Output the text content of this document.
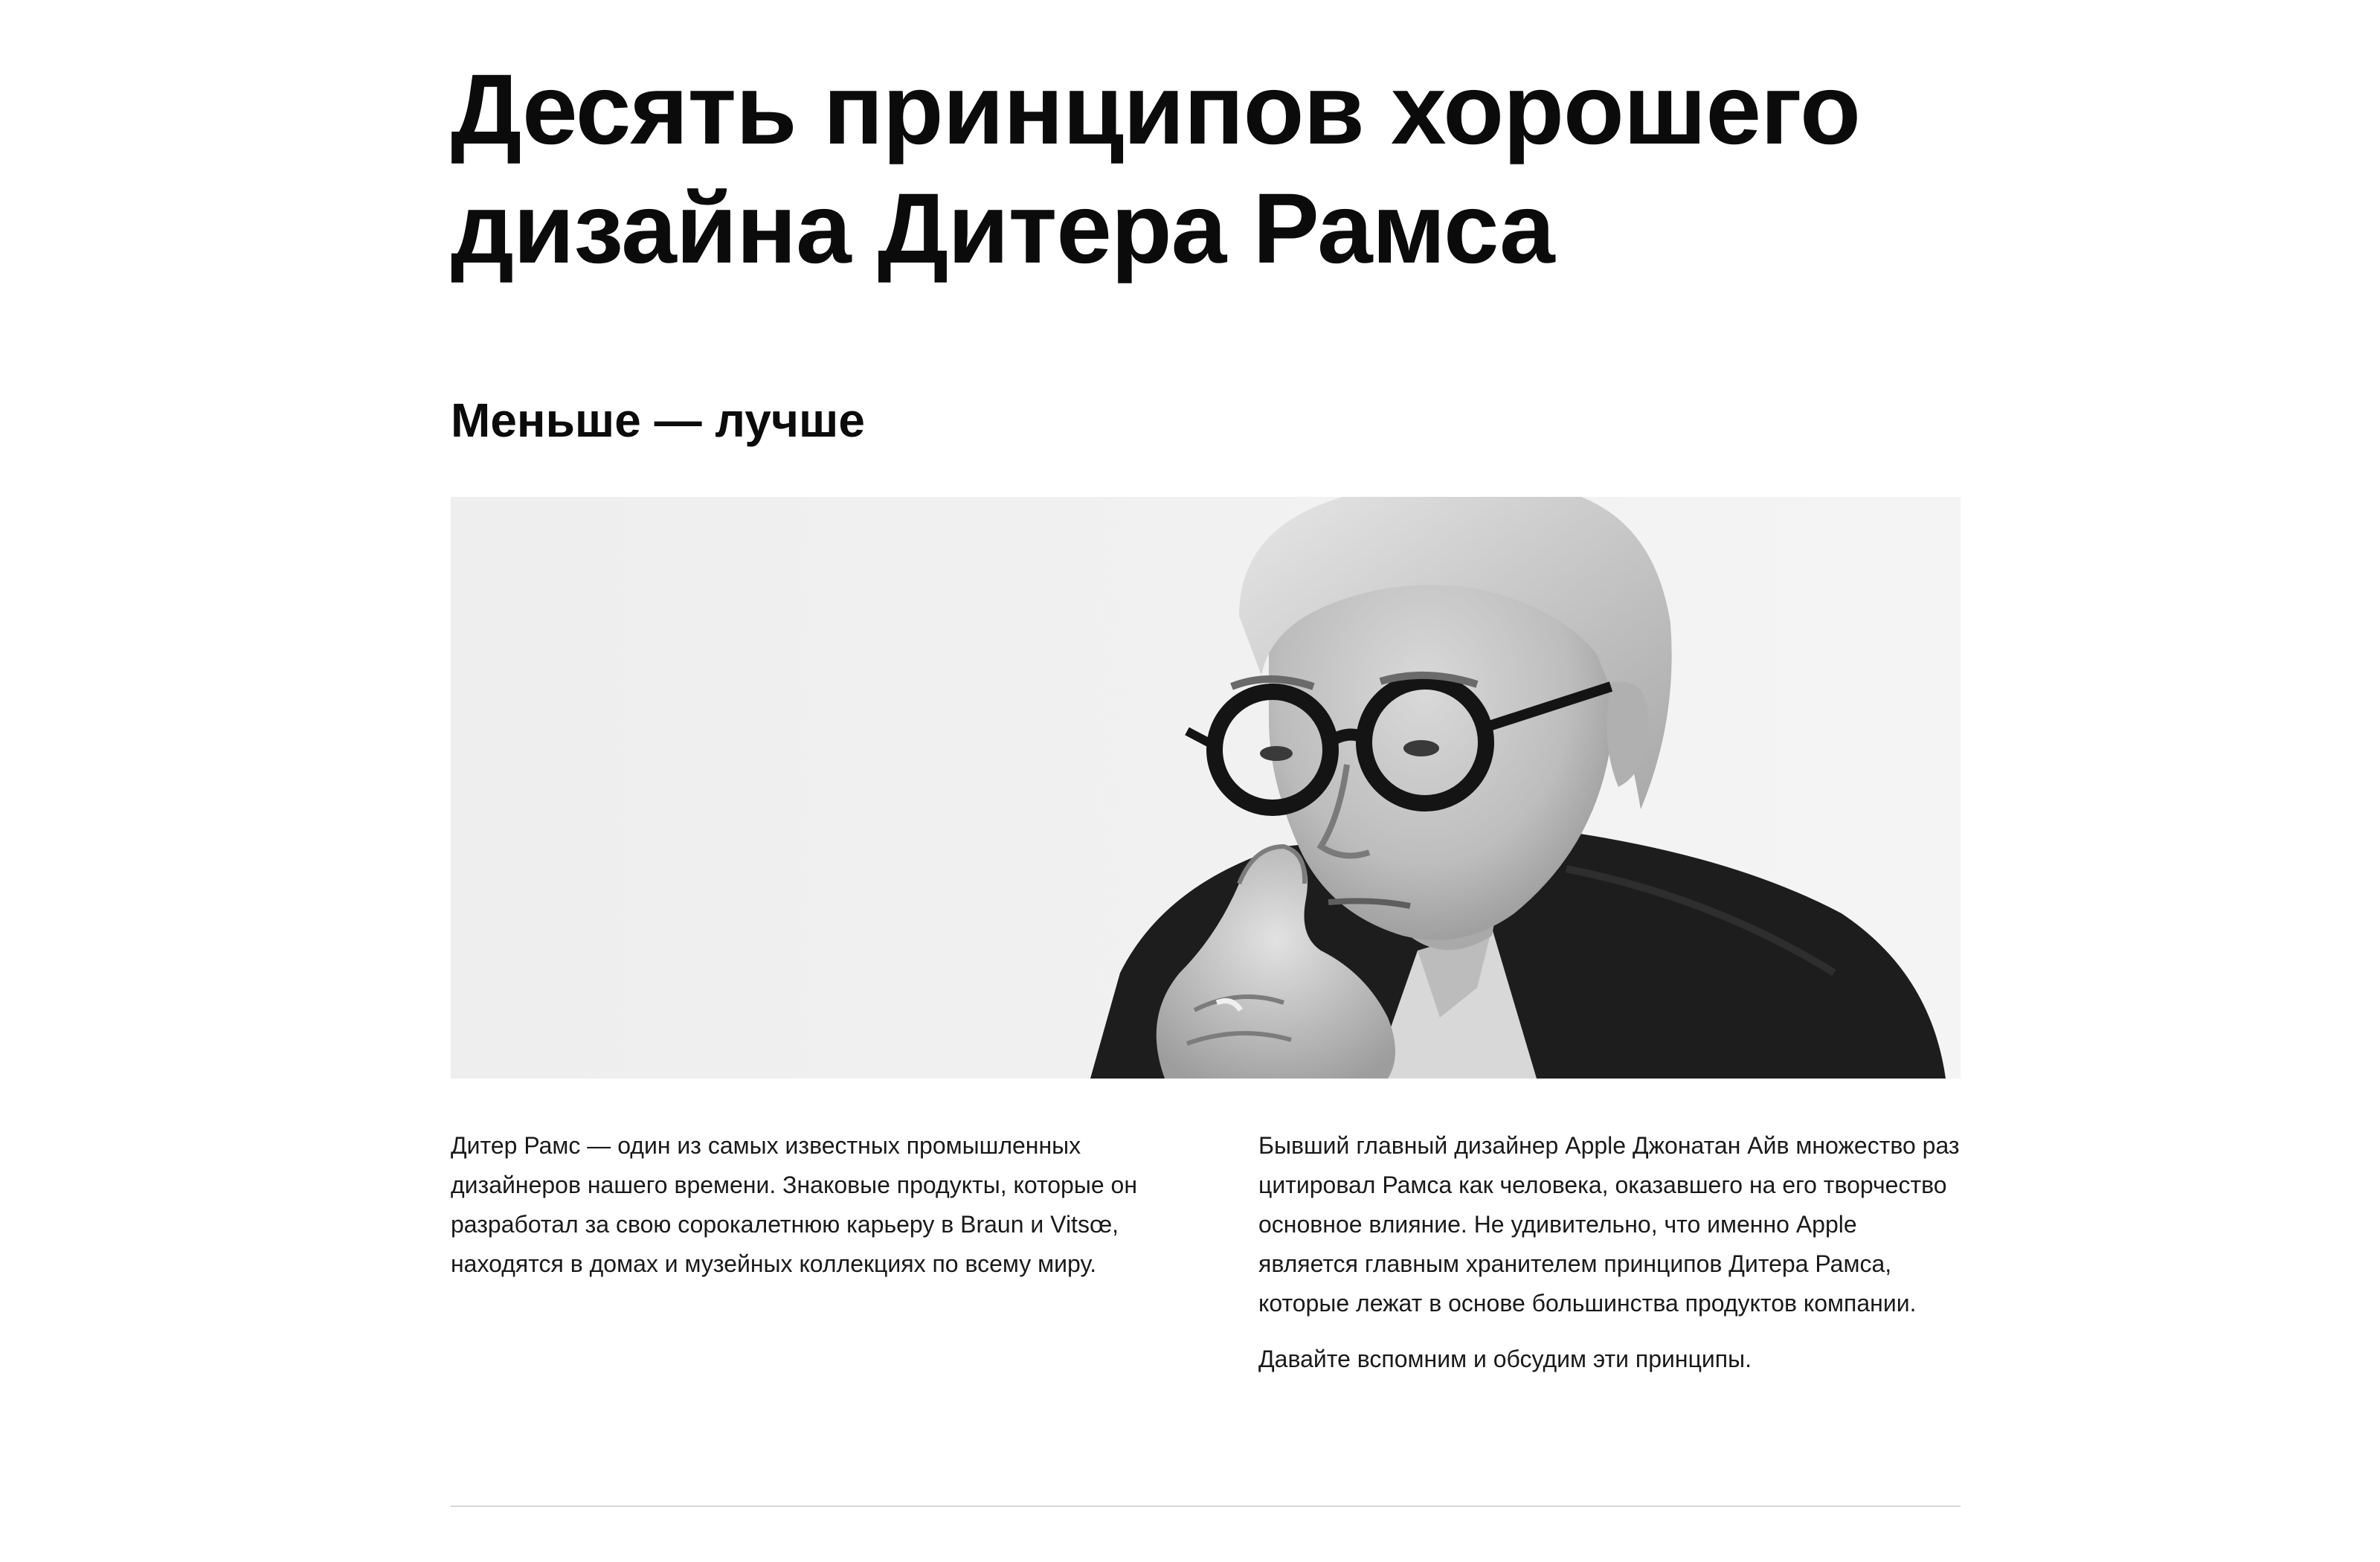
Десять принципов хорошего дизайна Дитера Рамса
Меньше — лучше

Дитер Рамс — один из самых известных промышленных дизайнеров нашего времени. Знаковые продукты, которые он разработал за свою сорокалетнюю карьеру в Braun и Vitsœ, находятся в домах и музейных коллекциях по всему миру.

Бывший главный дизайнер Apple Джонатан Айв множество раз цитировал Рамса как человека, оказавшего на его творчество основное влияние. Не удивительно, что именно Apple является главным хранителем принципов Дитера Рамса, которые лежат в основе большинства продуктов компании.

Давайте вспомним и обсудим эти принципы.
